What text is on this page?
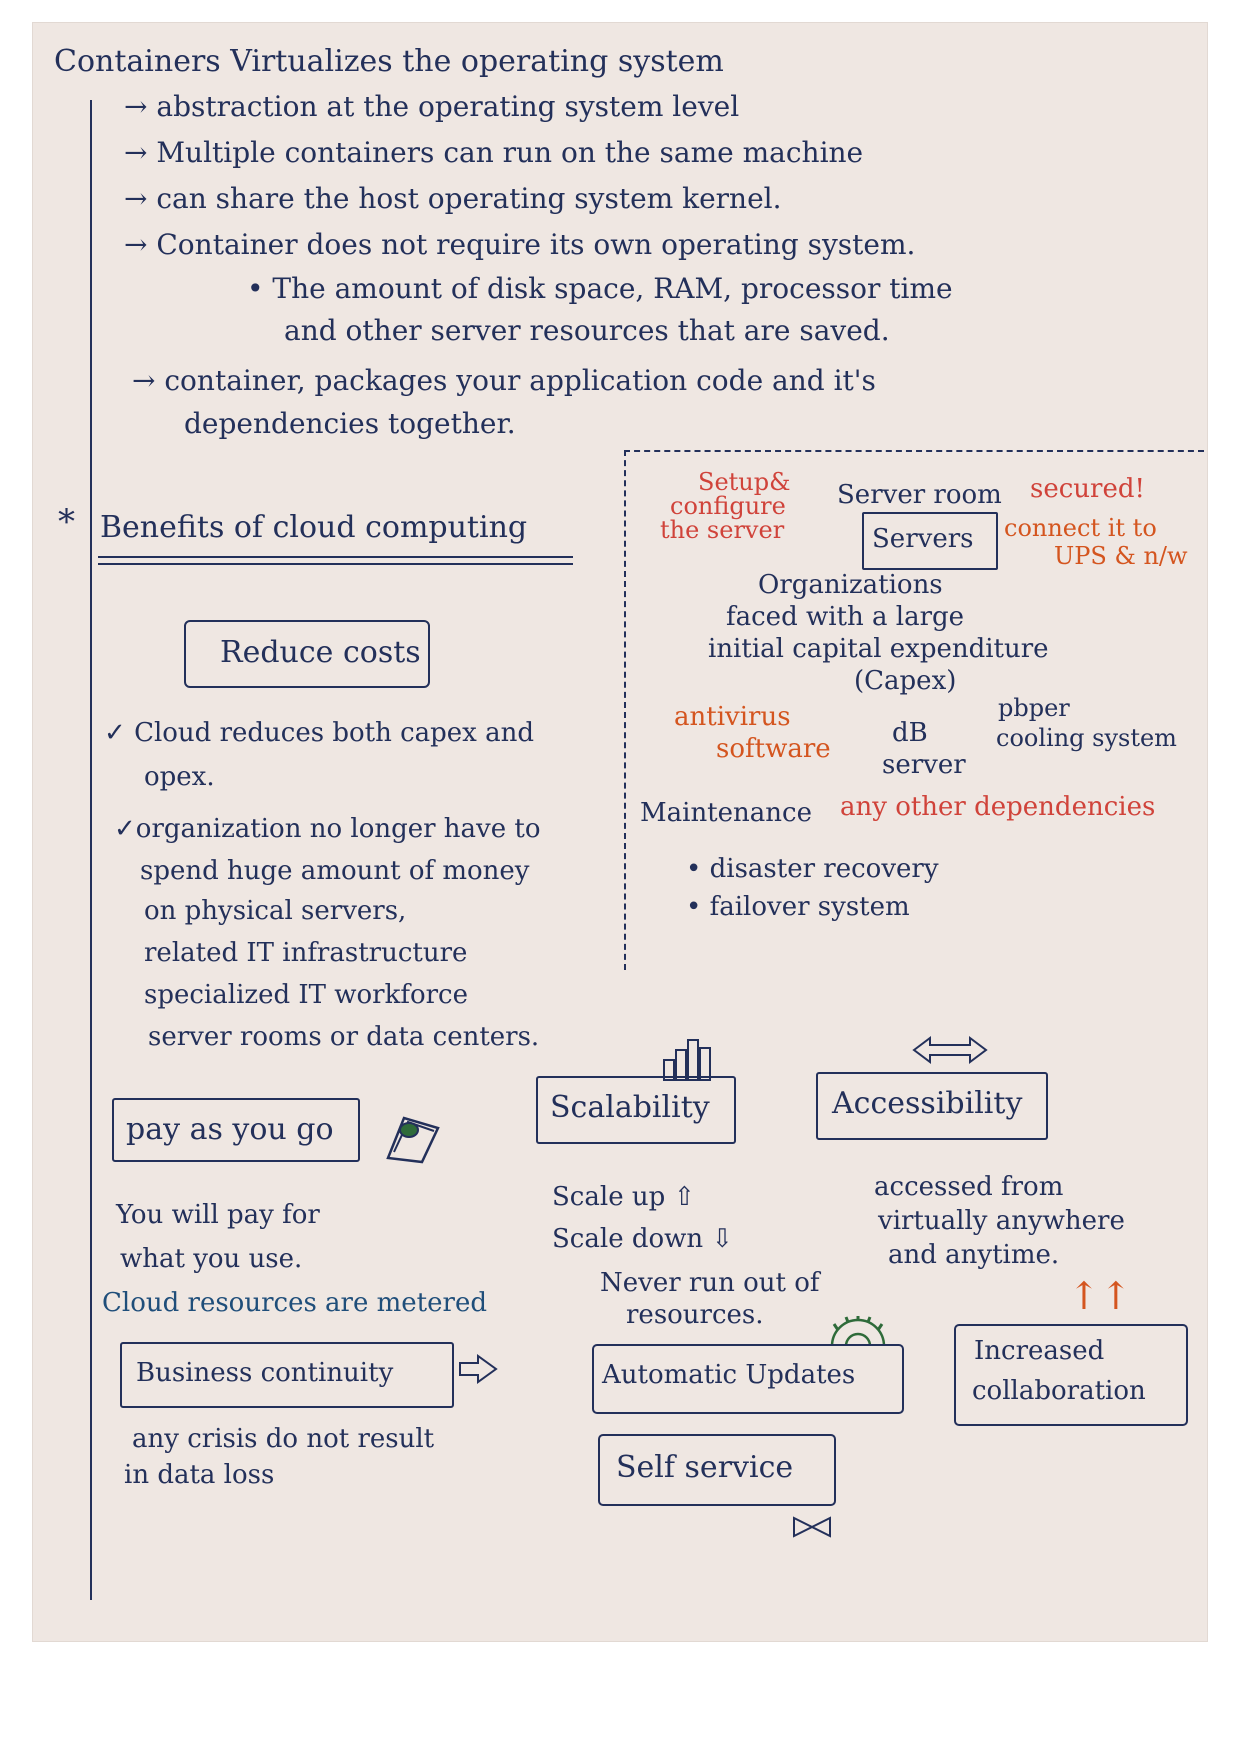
Containers Virtualizes the operating system
→ abstraction at the operating system level
→ Multiple containers can run on the same machine
→ can share the host operating system kernel.
→ Container does not require its own operating system.
• The amount of disk space, RAM, processor time
and other server resources that are saved.
→ container, packages your application code and it's
dependencies together.
* Benefits of cloud computing
Reduce costs
✓ Cloud reduces both capex and
opex.
✓organization no longer have to
spend huge amount of money
on physical servers,
related IT infrastructure
specialized IT workforce
server rooms or data centers.
Setup&
configure
the server
Server room secured!
Servers connect it to
UPS & n/w
Organizations
faced with a large
initial capital expenditure
(Capex)
antivirus
software
dB
server
pbper
cooling system
Maintenance any other dependencies
• disaster recovery
• failover system
pay as you go
You will pay for
what you use.
Cloud resources are metered
Scalability
Scale up ⇧
Scale down ⇩
Never run out of
resources.
Accessibility
accessed from
virtually anywhere
and anytime.
Business continuity
any crisis do not result
in data loss
Automatic Updates
↑↑
Increased
collaboration
Self service
